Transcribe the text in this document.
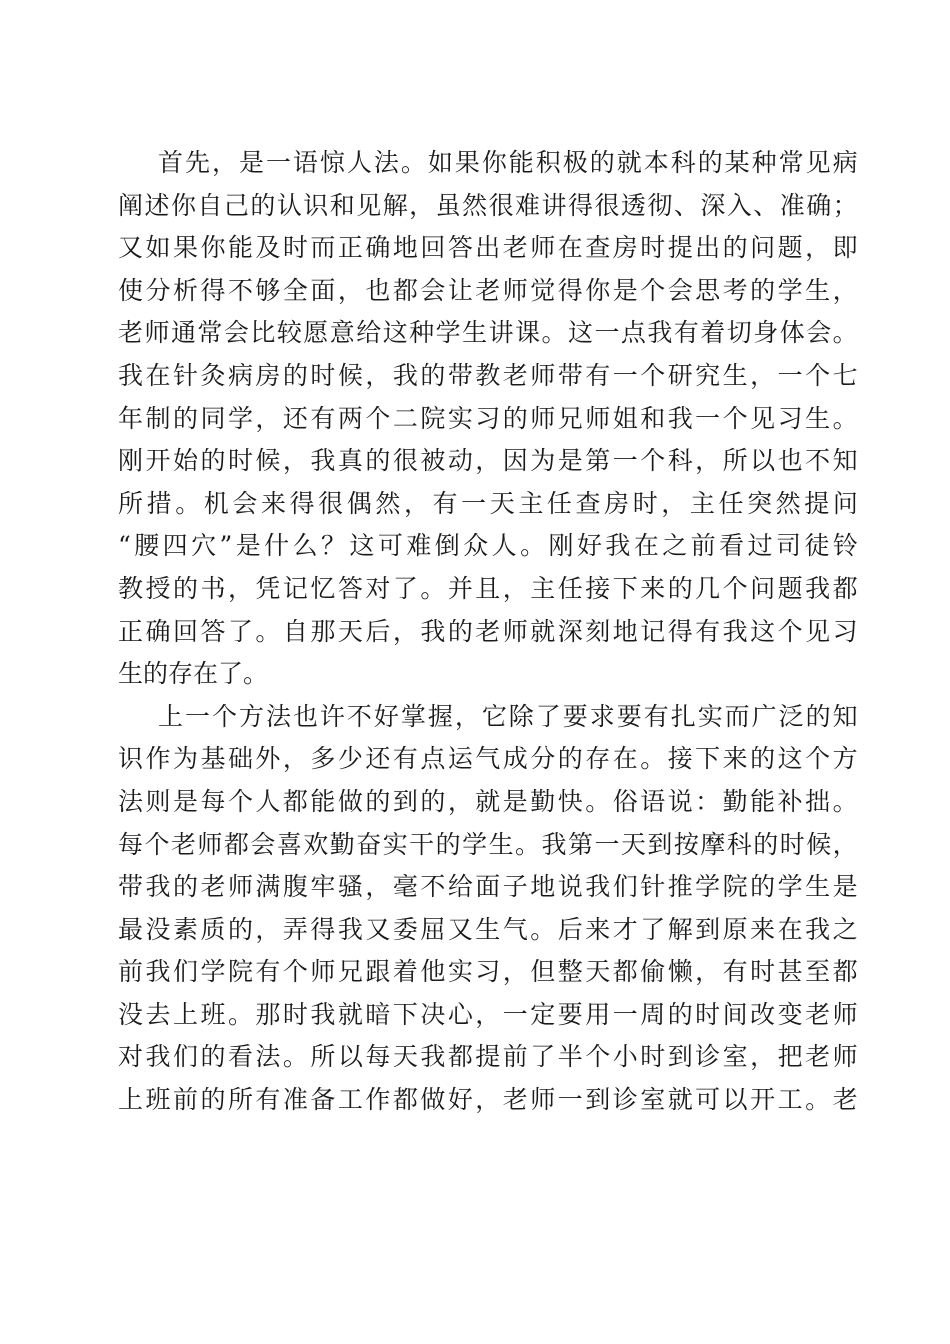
首 先 ， 是 一 语 惊 人 法 。 如 果 你 能 积 极 的 就 本 科 的 某 种 常 见 病
阐 述 你 自 己 的 认 识 和 见 解 ， 虽 然 很 难 讲 得 很 透 彻 、 深 入 、 准 确 ；
又 如 果 你 能 及 时 而 正 确 地 回 答 出 老 师 在 查 房 时 提 出 的 问 题 ， 即
使 分 析 得 不 够 全 面 ， 也 都 会 让 老 师 觉 得 你 是 个 会 思 考 的 学 生 ，
老 师 通 常 会 比 较 愿 意 给 这 种 学 生 讲 课 。 这 一 点 我 有 着 切 身 体 会 。
我 在 针 灸 病 房 的 时 候 ， 我 的 带 教 老 师 带 有 一 个 研 究 生 ， 一 个 七
年 制 的 同 学 ， 还 有 两 个 二 院 实 习 的 师 兄 师 姐 和 我 一 个 见 习 生 。
刚 开 始 的 时 候 ， 我 真 的 很 被 动 ， 因 为 是 第 一 个 科 ， 所 以 也 不 知
所 措 。 机 会 来 得 很 偶 然 ， 有 一 天 主 任 查 房 时 ， 主 任 突 然 提 问
“ 腰 四 穴 ” 是 什 么 ？ 这 可 难 倒 众 人 。 刚 好 我 在 之 前 看 过 司 徒 铃
教 授 的 书 ， 凭 记 忆 答 对 了 。 并 且 ， 主 任 接 下 来 的 几 个 问 题 我 都
正 确 回 答 了 。 自 那 天 后 ， 我 的 老 师 就 深 刻 地 记 得 有 我 这 个 见 习
生的存在了。
上 一 个 方 法 也 许 不 好 掌 握 ， 它 除 了 要 求 要 有 扎 实 而 广 泛 的 知
识 作 为 基 础 外 ， 多 少 还 有 点 运 气 成 分 的 存 在 。 接 下 来 的 这 个 方
法 则 是 每 个 人 都 能 做 的 到 的 ， 就 是 勤 快 。 俗 语 说 ： 勤 能 补 拙 。
每 个 老 师 都 会 喜 欢 勤 奋 实 干 的 学 生 。 我 第 一 天 到 按 摩 科 的 时 候 ，
带 我 的 老 师 满 腹 牢 骚 ， 毫 不 给 面 子 地 说 我 们 针 推 学 院 的 学 生 是
最 没 素 质 的 ， 弄 得 我 又 委 屈 又 生 气 。 后 来 才 了 解 到 原 来 在 我 之
前 我 们 学 院 有 个 师 兄 跟 着 他 实 习 ， 但 整 天 都 偷 懒 ， 有 时 甚 至 都
没 去 上 班 。 那 时 我 就 暗 下 决 心 ， 一 定 要 用 一 周 的 时 间 改 变 老 师
对 我 们 的 看 法 。 所 以 每 天 我 都 提 前 了 半 个 小 时 到 诊 室 ， 把 老 师
上 班 前 的 所 有 准 备 工 作 都 做 好 ， 老 师 一 到 诊 室 就 可 以 开 工 。 老
